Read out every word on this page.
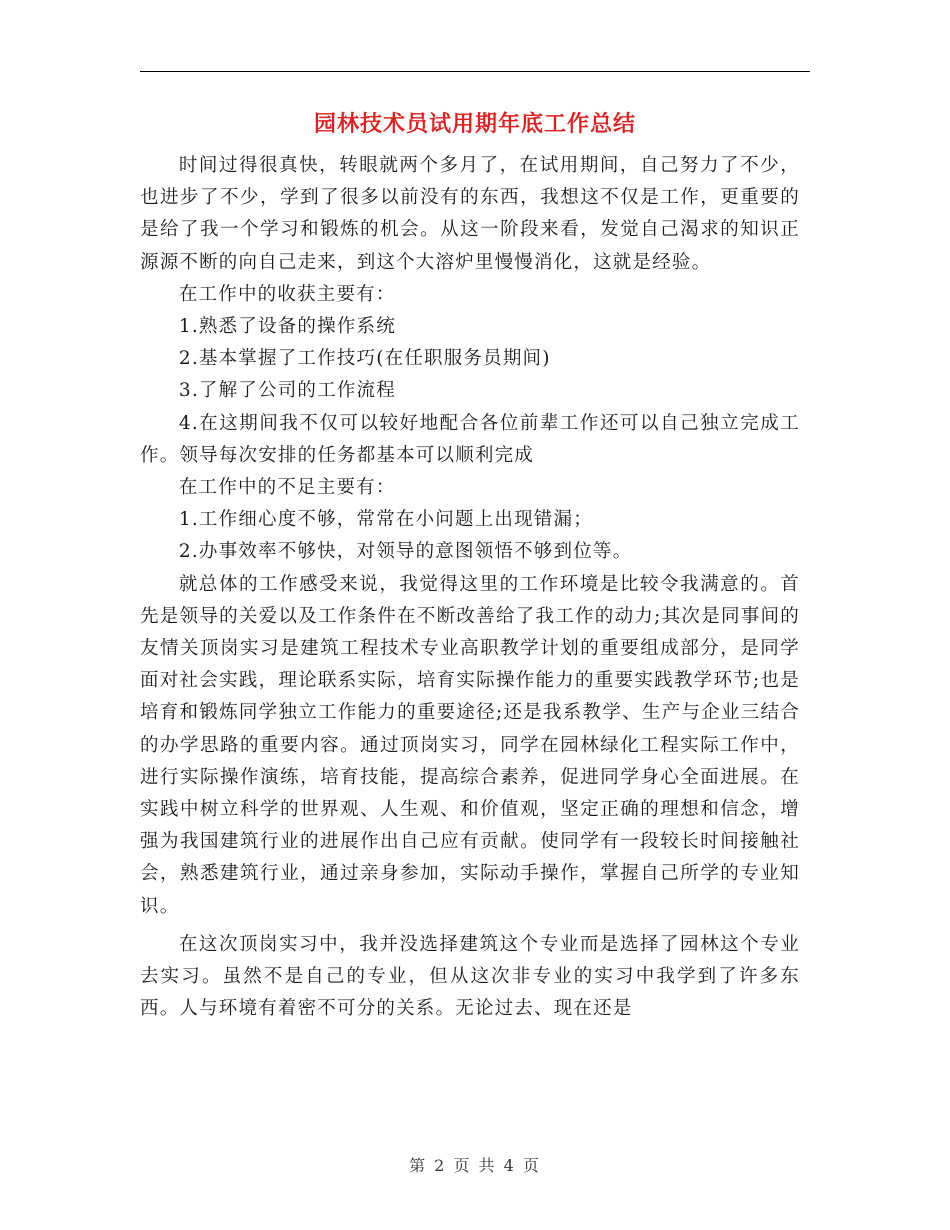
园林技术员试用期年底工作总结

时间过得很真快，转眼就两个多月了，在试用期间，自己努力了不少，也进步了不少，学到了很多以前没有的东西，我想这不仅是工作，更重要的是给了我一个学习和锻炼的机会。从这一阶段来看，发觉自己渴求的知识正源源不断的向自己走来，到这个大溶炉里慢慢消化，这就是经验。

在工作中的收获主要有：

1.熟悉了设备的操作系统

2.基本掌握了工作技巧(在任职服务员期间)

3.了解了公司的工作流程

4.在这期间我不仅可以较好地配合各位前辈工作还可以自己独立完成工作。领导每次安排的任务都基本可以顺利完成

在工作中的不足主要有：

1.工作细心度不够，常常在小问题上出现错漏；

2.办事效率不够快，对领导的意图领悟不够到位等。

就总体的工作感受来说，我觉得这里的工作环境是比较令我满意的。首先是领导的关爱以及工作条件在不断改善给了我工作的动力;其次是同事间的友情关顶岗实习是建筑工程技术专业高职教学计划的重要组成部分，是同学面对社会实践，理论联系实际，培育实际操作能力的重要实践教学环节;也是培育和锻炼同学独立工作能力的重要途径;还是我系教学、生产与企业三结合的办学思路的重要内容。通过顶岗实习，同学在园林绿化工程实际工作中，进行实际操作演练，培育技能，提高综合素养，促进同学身心全面进展。在实践中树立科学的世界观、人生观、和价值观，坚定正确的理想和信念，增强为我国建筑行业的进展作出自己应有贡献。使同学有一段较长时间接触社会，熟悉建筑行业，通过亲身参加，实际动手操作，掌握自己所学的专业知识。

在这次顶岗实习中，我并没选择建筑这个专业而是选择了园林这个专业去实习。虽然不是自己的专业，但从这次非专业的实习中我学到了许多东西。人与环境有着密不可分的关系。无论过去、现在还是

第 2 页 共 4 页
